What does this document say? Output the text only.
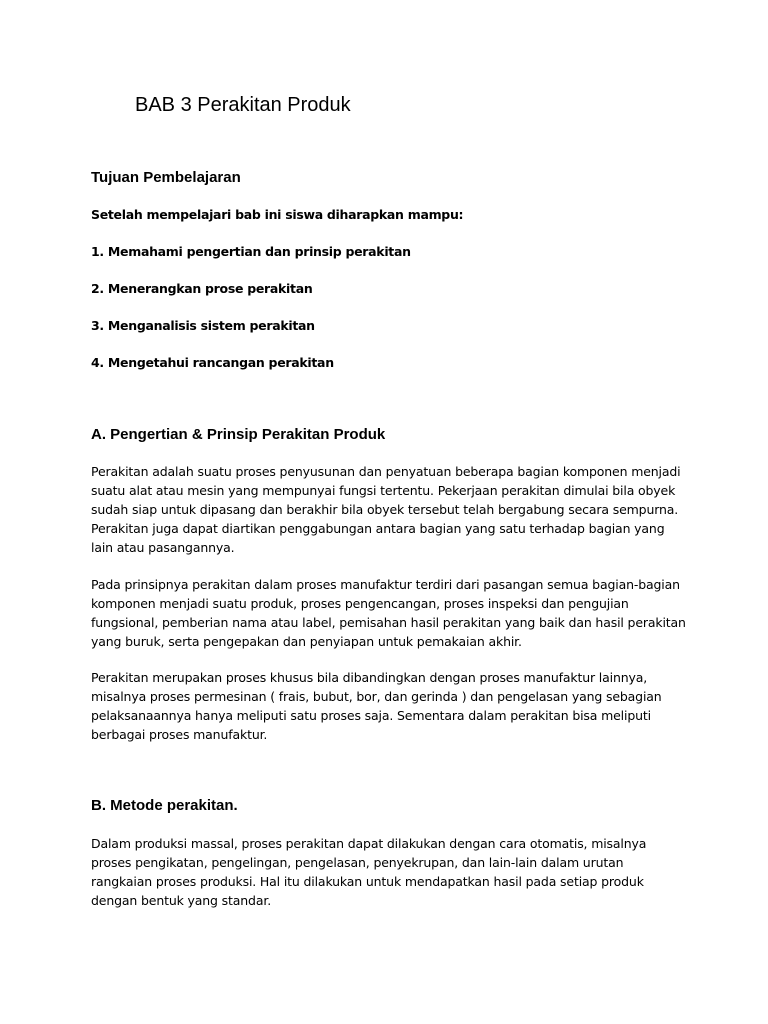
BAB 3 Perakitan Produk
Tujuan Pembelajaran

Setelah mempelajari bab ini siswa diharapkan mampu:

1. Memahami pengertian dan prinsip perakitan

2. Menerangkan prose perakitan

3. Menganalisis sistem perakitan

4. Mengetahui rancangan perakitan

A. Pengertian & Prinsip Perakitan Produk
Perakitan adalah suatu proses penyusunan dan penyatuan beberapa bagian komponen menjadi
suatu alat atau mesin yang mempunyai fungsi tertentu. Pekerjaan perakitan dimulai bila obyek
sudah siap untuk dipasang dan berakhir bila obyek tersebut telah bergabung secara sempurna.
Perakitan juga dapat diartikan penggabungan antara bagian yang satu terhadap bagian yang
lain atau pasangannya.
Pada prinsipnya perakitan dalam proses manufaktur terdiri dari pasangan semua bagian-bagian
komponen menjadi suatu produk, proses pengencangan, proses inspeksi dan pengujian
fungsional, pemberian nama atau label, pemisahan hasil perakitan yang baik dan hasil perakitan
yang buruk, serta pengepakan dan penyiapan untuk pemakaian akhir.
Perakitan merupakan proses khusus bila dibandingkan dengan proses manufaktur lainnya,
misalnya proses permesinan ( frais, bubut, bor, dan gerinda ) dan pengelasan yang sebagian
pelaksanaannya hanya meliputi satu proses saja. Sementara dalam perakitan bisa meliputi
berbagai proses manufaktur.
B. Metode perakitan.
Dalam produksi massal, proses perakitan dapat dilakukan dengan cara otomatis, misalnya
proses pengikatan, pengelingan, pengelasan, penyekrupan, dan lain-lain dalam urutan
rangkaian proses produksi. Hal itu dilakukan untuk mendapatkan hasil pada setiap produk
dengan bentuk yang standar.
